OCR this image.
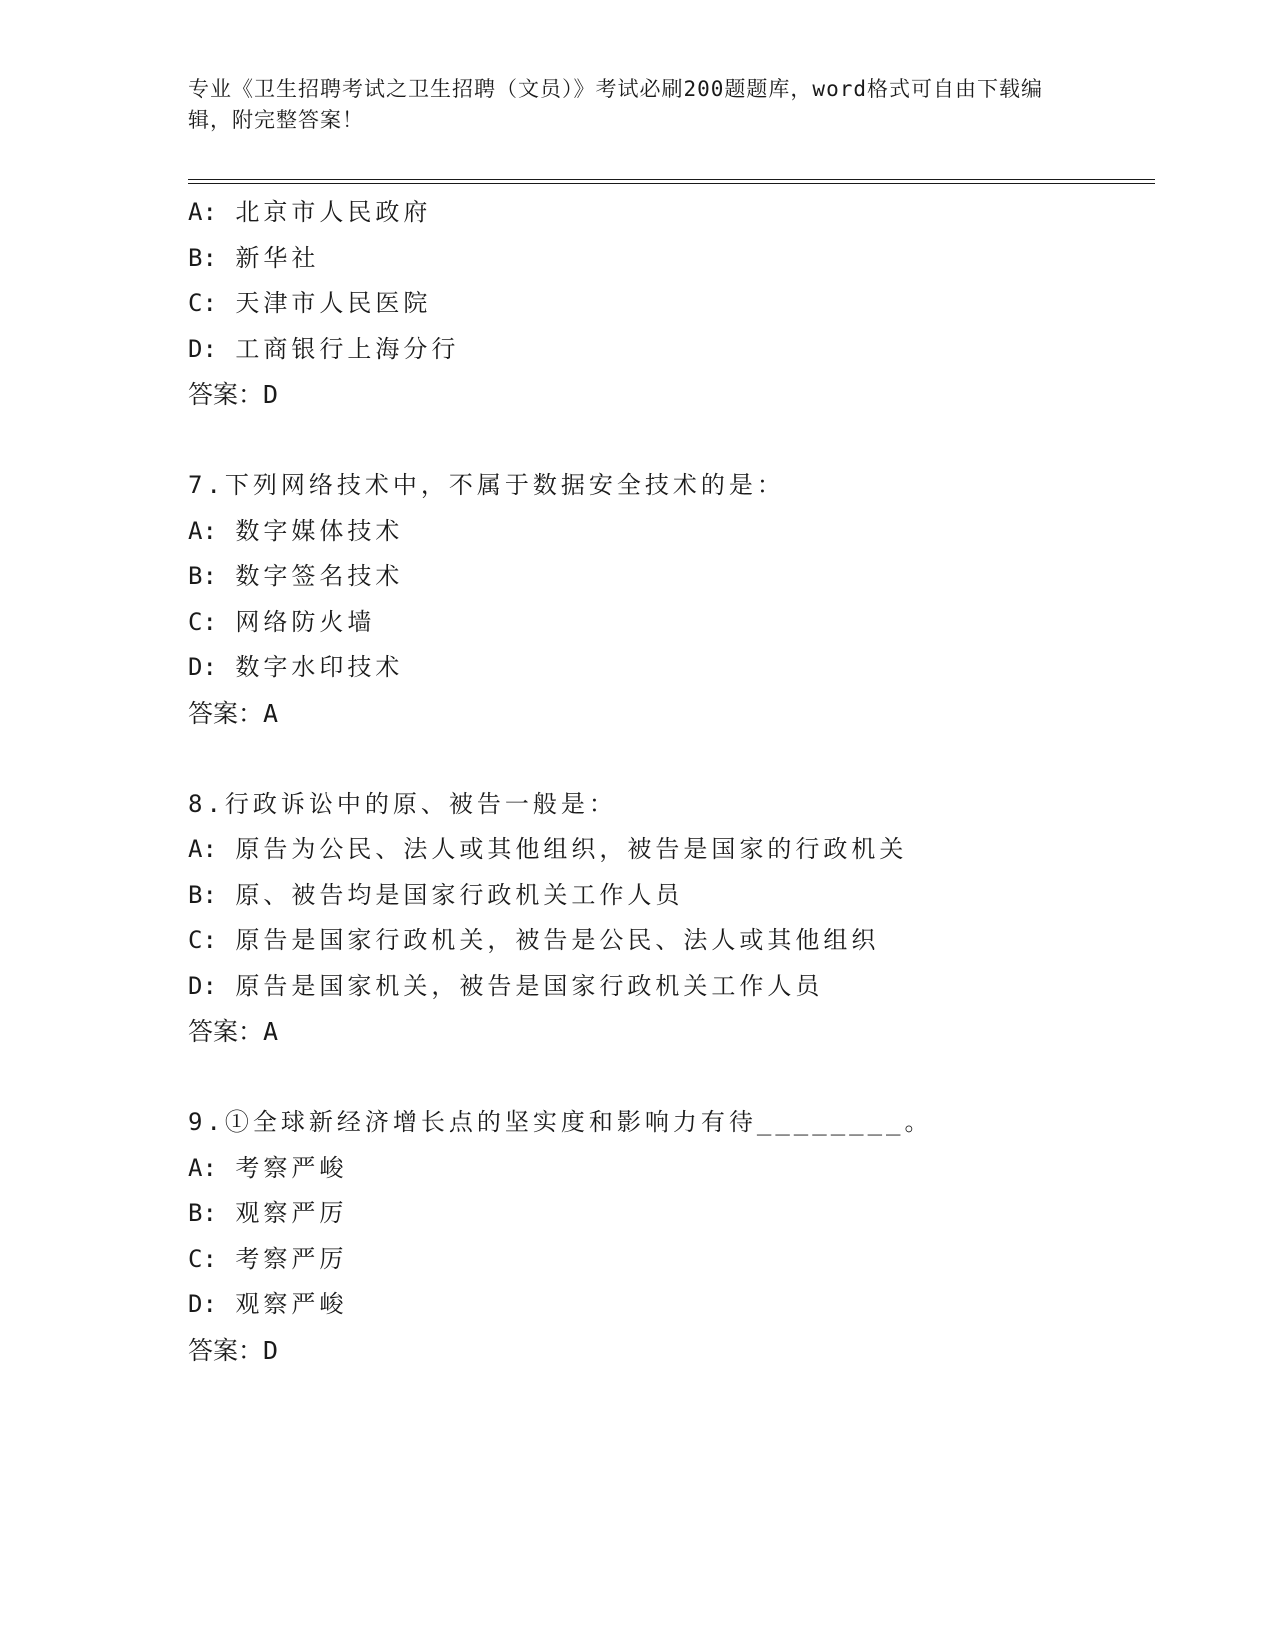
专业《卫生招聘考试之卫生招聘（文员）》考试必刷200题题库，word格式可自由下载编辑，附完整答案！
A: 北京市人民政府
B: 新华社
C: 天津市人民医院
D: 工商银行上海分行
答案：D
7.下列网络技术中，不属于数据安全技术的是：
A: 数字媒体技术
B: 数字签名技术
C: 网络防火墙
D: 数字水印技术
答案：A
8.行政诉讼中的原、被告一般是：
A: 原告为公民、法人或其他组织，被告是国家的行政机关
B: 原、被告均是国家行政机关工作人员
C: 原告是国家行政机关，被告是公民、法人或其他组织
D: 原告是国家机关，被告是国家行政机关工作人员
答案：A
9.①全球新经济增长点的坚实度和影响力有待________。
A: 考察严峻
B: 观察严厉
C: 考察严厉
D: 观察严峻
答案：D
